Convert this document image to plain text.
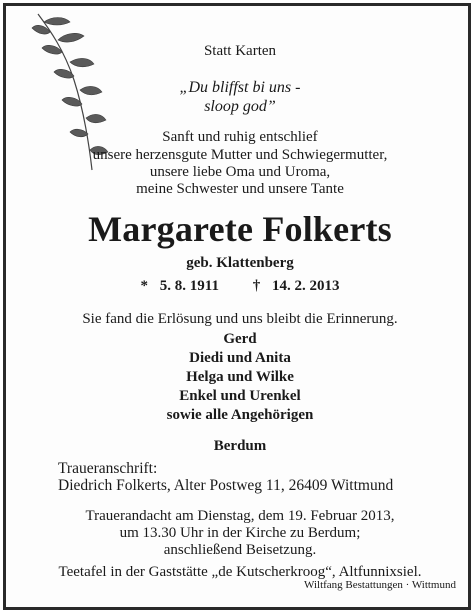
Statt Karten
„Du bliffst bi uns -
sloop god”
Sanft und ruhig entschlief
unsere herzensgute Mutter und Schwiegermutter,
unsere liebe Oma und Uroma,
meine Schwester und unsere Tante
Margarete Folkerts
geb. Klattenberg
* 5. 8. 1911 † 14. 2. 2013
Sie fand die Erlösung und uns bleibt die Erinnerung.
Gerd
Diedi und Anita
Helga und Wilke
Enkel und Urenkel
sowie alle Angehörigen
Berdum
Traueranschrift:
Diedrich Folkerts, Alter Postweg 11, 26409 Wittmund
Trauerandacht am Dienstag, dem 19. Februar 2013,
um 13.30 Uhr in der Kirche zu Berdum;
anschließend Beisetzung.
Teetafel in der Gaststätte „de Kutscherkroog“, Altfunnixsiel.
Wiltfang Bestattungen · Wittmund
